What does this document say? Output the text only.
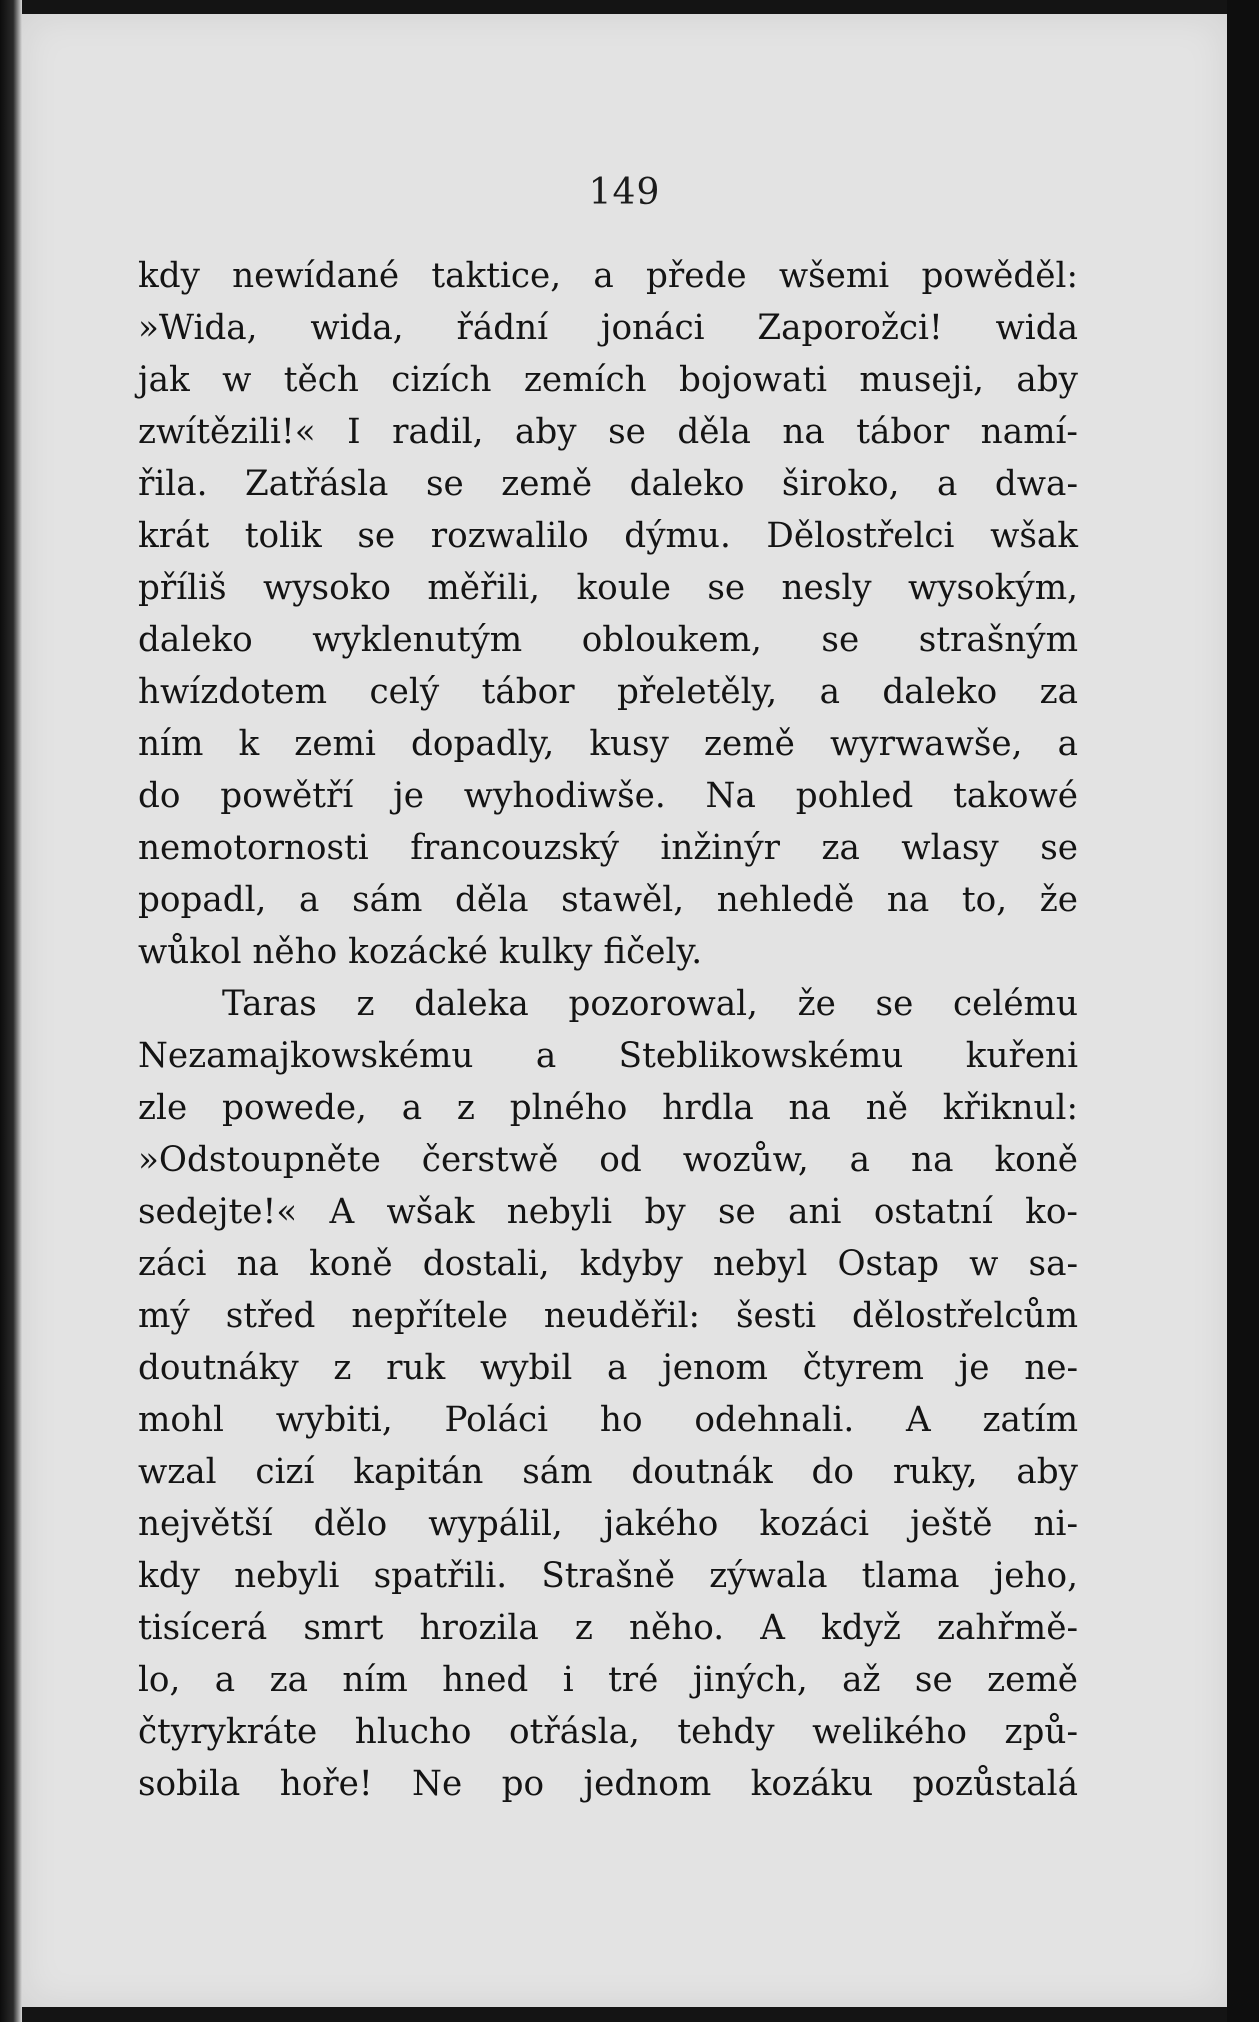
149
kdy newídané taktice, a přede wšemi powěděl:
»Wida, wida, řádní jonáci Zaporožci! wida
jak w těch cizích zemích bojowati museji, aby
zwítězili!« I radil, aby se děla na tábor namí-
řila. Zatřásla se země daleko široko, a dwa-
krát tolik se rozwalilo dýmu. Dělostřelci wšak
příliš wysoko měřili, koule se nesly wysokým,
daleko wyklenutým obloukem, se strašným
hwízdotem celý tábor přeletěly, a daleko za
ním k zemi dopadly, kusy země wyrwawše, a
do powětří je wyhodiwše. Na pohled takowé
nemotornosti francouzský inžinýr za wlasy se
popadl, a sám děla stawěl, nehledě na to, že
wůkol něho kozácké kulky fičely.
Taras z daleka pozorowal, že se celému
Nezamajkowskému a Steblikowskému kuřeni
zle powede, a z plného hrdla na ně křiknul:
»Odstoupněte čerstwě od wozůw, a na koně
sedejte!« A wšak nebyli by se ani ostatní ko-
záci na koně dostali, kdyby nebyl Ostap w sa-
mý střed nepřítele neuděřil: šesti dělostřelcům
doutnáky z ruk wybil a jenom čtyrem je ne-
mohl wybiti, Poláci ho odehnali. A zatím
wzal cizí kapitán sám doutnák do ruky, aby
největší dělo wypálil, jakého kozáci ještě ni-
kdy nebyli spatřili. Strašně zýwala tlama jeho,
tisícerá smrt hrozila z něho. A když zahřmě-
lo, a za ním hned i tré jiných, až se země
čtyrykráte hlucho otřásla, tehdy welikého způ-
sobila hoře! Ne po jednom kozáku pozůstalá
